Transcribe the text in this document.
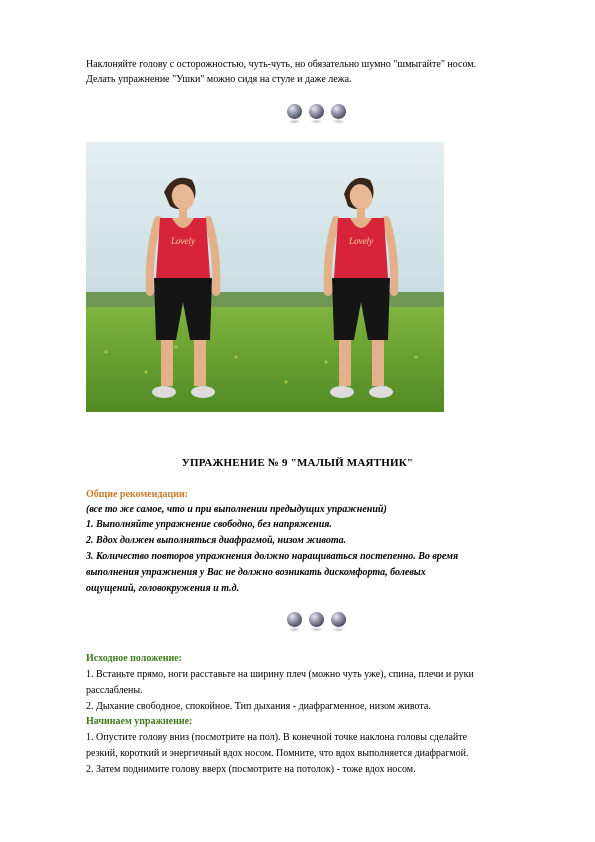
Наклоняйте голову с осторожностью, чуть-чуть, но обязательно шумно "шмыгайте" носом.
Делать упражнение "Ушки" можно сидя на стуле и даже лежа.
Lovely	Lovely
УПРАЖНЕНИЕ № 9 "МАЛЫЙ МАЯТНИК"
Общие рекомендации:
(все то же самое, что и при выполнении предыдущих упражнений)
1. Выполняйте упражнение свободно, без напряжения.
2. Вдох должен выполняться диафрагмой, низом живота.
3. Количество повторов упражнения должно наращиваться постепенно. Во время
выполнения упражнения у Вас не должно возникать дискомфорта, болевых
ощущений, головокружения и т.д.
Исходное положение:
1. Встаньте прямо, ноги расставьте на ширину плеч (можно чуть уже), спина, плечи и руки
расслаблены.
2. Дыхание свободное, спокойное. Тип дыхания - диафрагменное, низом живота.
Начинаем упражнение:
1. Опустите голову вниз (посмотрите на пол). В конечной точке наклона головы сделайте
резкий, короткий и энергичный вдох носом. Помните, что вдох выполняется диафрагмой.
2. Затем поднимите голову вверх (посмотрите на потолок) - тоже вдох носом.
